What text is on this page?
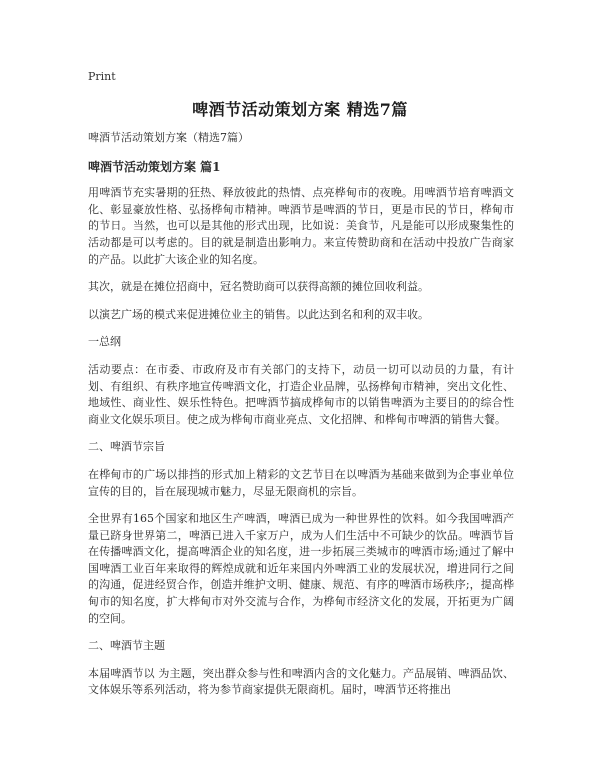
Print
啤酒节活动策划方案 精选7篇
啤酒节活动策划方案（精选7篇）
啤酒节活动策划方案 篇1

用啤酒节充实暑期的狂热、释放彼此的热情、点亮桦甸市的夜晚。用啤酒节培育啤酒文化、彰显豪放性格、弘扬桦甸市精神。啤酒节是啤酒的节日，更是市民的节日，桦甸市的节日。当然，也可以是其他的形式出现，比如说：美食节，凡是能可以形成聚集性的活动都是可以考虑的。目的就是制造出影响力。来宣传赞助商和在活动中投放广告商家的产品。以此扩大该企业的知名度。

其次，就是在摊位招商中，冠名赞助商可以获得高额的摊位回收利益。

以演艺广场的模式来促进摊位业主的销售。以此达到名和利的双丰收。

一总纲

活动要点：在市委、市政府及市有关部门的支持下，动员一切可以动员的力量，有计划、有组织、有秩序地宣传啤酒文化，打造企业品牌，弘扬桦甸市精神，突出文化性、地域性、商业性、娱乐性特色。把啤酒节搞成桦甸市的以销售啤酒为主要目的的综合性商业文化娱乐项目。使之成为桦甸市商业亮点、文化招牌、和桦甸市啤酒的销售大餐。

二、啤酒节宗旨

在桦甸市的广场以排挡的形式加上精彩的文艺节目在以啤酒为基础来做到为企事业单位宣传的目的，旨在展现城市魅力，尽显无限商机的宗旨。

全世界有165个国家和地区生产啤酒，啤酒已成为一种世界性的饮料。如今我国啤酒产量已跻身世界第二，啤酒已进入千家万户，成为人们生活中不可缺少的饮品。啤酒节旨在传播啤酒文化，提高啤酒企业的知名度，进一步拓展三类城市的啤酒市场;通过了解中国啤酒工业百年来取得的辉煌成就和近年来国内外啤酒工业的发展状况，增进同行之间的沟通，促进经贸合作，创造并维护文明、健康、规范、有序的啤酒市场秩序;，提高桦甸市的知名度，扩大桦甸市对外交流与合作，为桦甸市经济文化的发展，开拓更为广阔的空间。

二、啤酒节主题

本届啤酒节以 为主题，突出群众参与性和啤酒内含的文化魅力。产品展销、啤酒品饮、文体娱乐等系列活动，将为参节商家提供无限商机。届时，啤酒节还将推出
